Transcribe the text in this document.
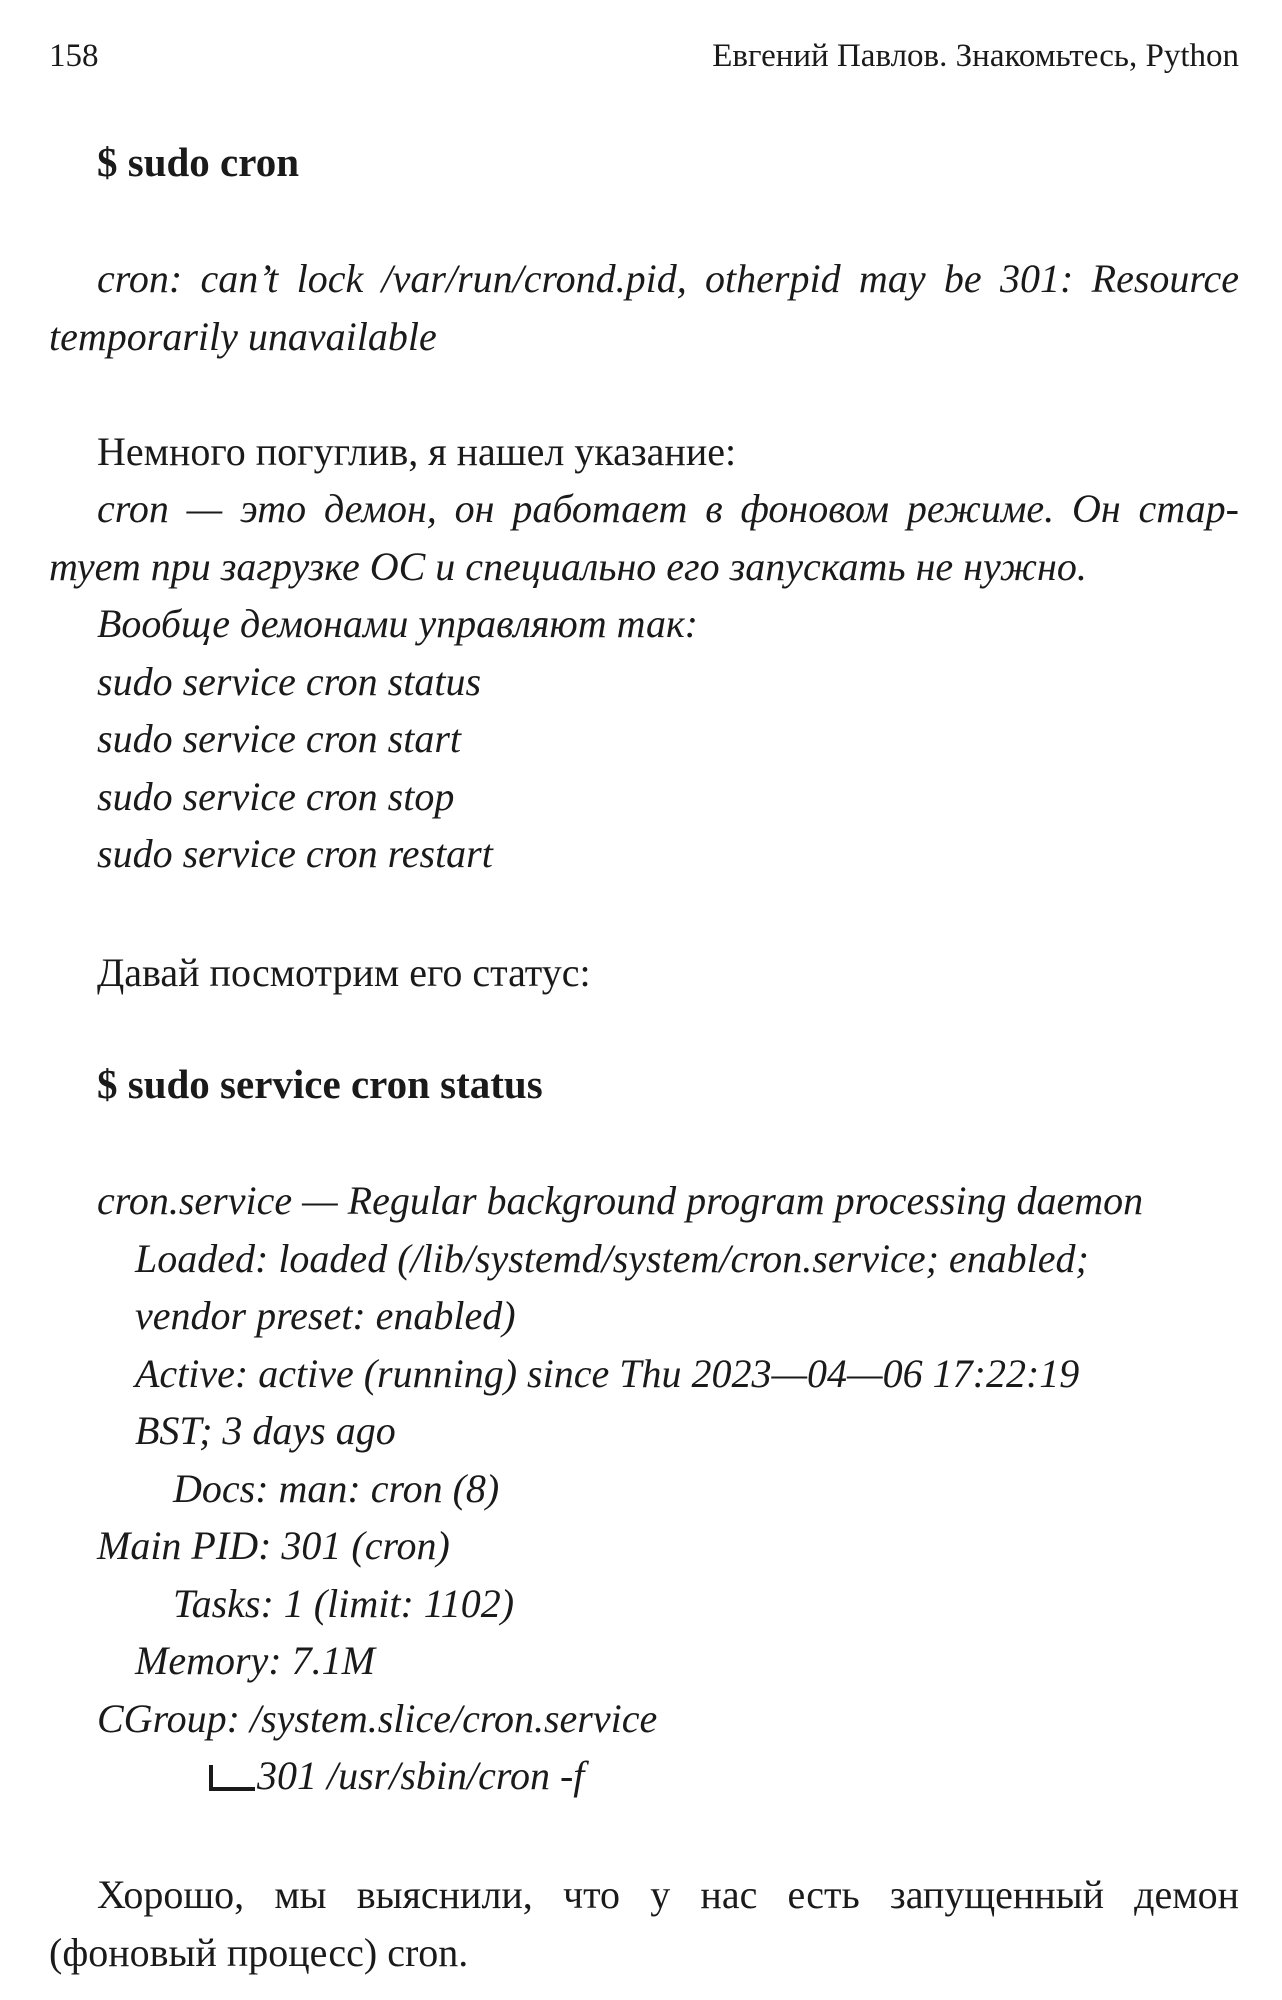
158	Евгений Павлов. Знакомьтесь, Python
$ sudo cron
cron: can’t lock /var/run/crond.pid, otherpid may be 301: Resource
temporarily unavailable
Немного погуглив, я нашел указание:
cron — это демон, он работает в фоновом режиме. Он стар-
тует при загрузке ОС и специально его запускать не нужно.
Вообще демонами управляют так:
sudo service cron status
sudo service cron start
sudo service cron stop
sudo service cron restart
Давай посмотрим его статус:
$ sudo service cron status
cron.service — Regular background program processing daemon
Loaded: loaded (/lib/systemd/system/cron.service; enabled;
vendor preset: enabled)
Active: active (running) since Thu 2023—04—06 17:22:19
BST; 3 days ago
Docs: man: cron (8)
Main PID: 301 (cron)
Tasks: 1 (limit: 1102)
Memory: 7.1M
CGroup: /system.slice/cron.service
301 /usr/sbin/cron -f
Хорошо, мы выяснили, что у нас есть запущенный демон
(фоновый процесс) cron.
